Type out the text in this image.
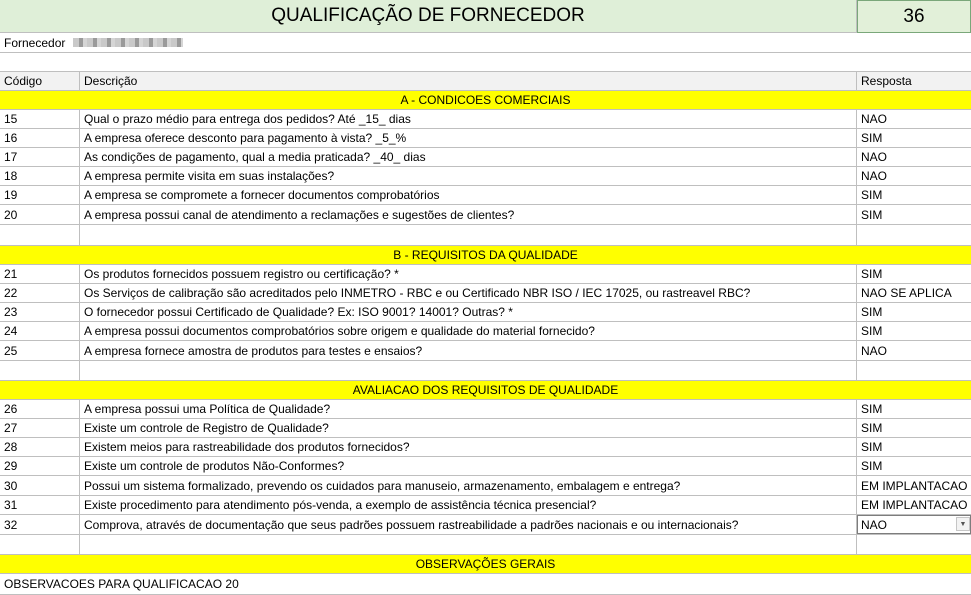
QUALIFICAÇÃO DE FORNECEDOR	36
Fornecedor
Código	Descrição	Resposta
A - CONDICOES COMERCIAIS
15	Qual o prazo médio para entrega dos pedidos? Até _15_ dias	NAO
16	A empresa oferece desconto para pagamento à vista? _5_%	SIM
17	As condições de pagamento, qual a media praticada? _40_ dias	NAO
18	A empresa permite visita em suas instalações?	NAO
19	A empresa se compromete a fornecer documentos comprobatórios	SIM
20	A empresa possui canal de atendimento a reclamações e sugestões de clientes?	SIM
B - REQUISITOS DA QUALIDADE
21	Os produtos fornecidos possuem registro ou certificação? *	SIM
22	Os Serviços de calibração são acreditados pelo INMETRO - RBC e ou Certificado NBR ISO / IEC 17025, ou rastreavel RBC?	NAO SE APLICA
23	O fornecedor possui Certificado de Qualidade? Ex: ISO 9001? 14001? Outras? *	SIM
24	A empresa possui documentos comprobatórios sobre origem e qualidade do material fornecido?	SIM
25	A empresa fornece amostra de produtos para testes e ensaios?	NAO
AVALIACAO DOS REQUISITOS DE QUALIDADE
26	A empresa possui uma Política de Qualidade?	SIM
27	Existe um controle de Registro de Qualidade?	SIM
28	Existem meios para rastreabilidade dos produtos fornecidos?	SIM
29	Existe um controle de produtos Não-Conformes?	SIM
30	Possui um sistema formalizado, prevendo os cuidados para manuseio, armazenamento, embalagem e entrega?	EM IMPLANTACAO
31	Existe procedimento para atendimento pós-venda, a exemplo de assistência técnica presencial?	EM IMPLANTACAO
32	Comprova, através de documentação que seus padrões possuem rastreabilidade a padrões nacionais e ou internacionais?	NAO	▼
OBSERVAÇÕES GERAIS
OBSERVACOES PARA QUALIFICACAO 20
